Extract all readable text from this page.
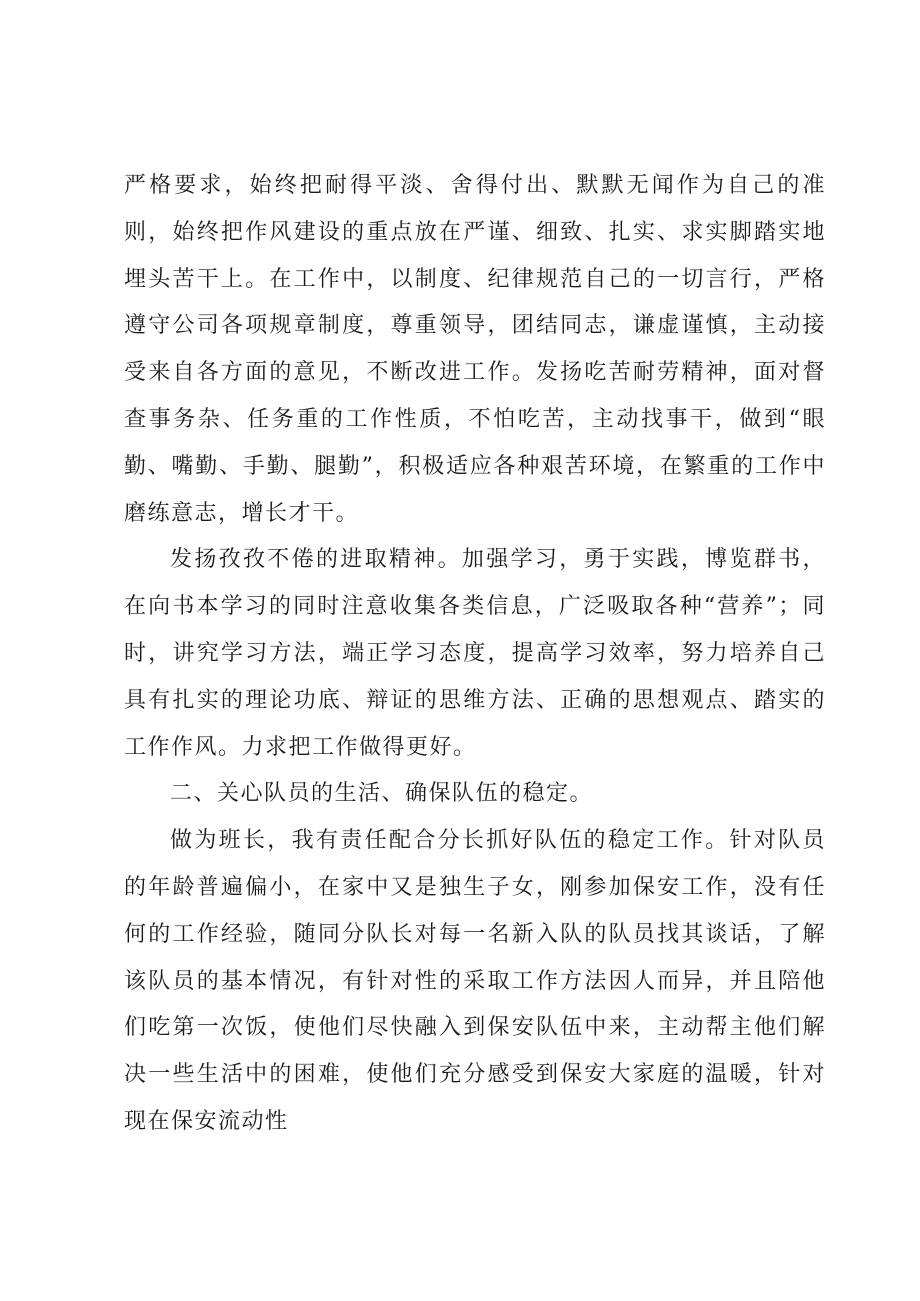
严格要求，始终把耐得平淡、舍得付出、默默无闻作为自己的准则，始终把作风建设的重点放在严谨、细致、扎实、求实脚踏实地埋头苦干上。在工作中，以制度、纪律规范自己的一切言行，严格遵守公司各项规章制度，尊重领导，团结同志，谦虚谨慎，主动接受来自各方面的意见，不断改进工作。发扬吃苦耐劳精神，面对督查事务杂、任务重的工作性质，不怕吃苦，主动找事干，做到“眼勤、嘴勤、手勤、腿勤”，积极适应各种艰苦环境，在繁重的工作中磨练意志，增长才干。

发扬孜孜不倦的进取精神。加强学习，勇于实践，博览群书，在向书本学习的同时注意收集各类信息，广泛吸取各种“营养”；同时，讲究学习方法，端正学习态度，提高学习效率，努力培养自己具有扎实的理论功底、辩证的思维方法、正确的思想观点、踏实的工作作风。力求把工作做得更好。

二、关心队员的生活、确保队伍的稳定。

做为班长，我有责任配合分长抓好队伍的稳定工作。针对队员的年龄普遍偏小，在家中又是独生子女，刚参加保安工作，没有任何的工作经验，随同分队长对每一名新入队的队员找其谈话，了解该队员的基本情况，有针对性的采取工作方法因人而异，并且陪他们吃第一次饭，使他们尽快融入到保安队伍中来，主动帮主他们解决一些生活中的困难，使他们充分感受到保安大家庭的温暖，针对现在保安流动性
